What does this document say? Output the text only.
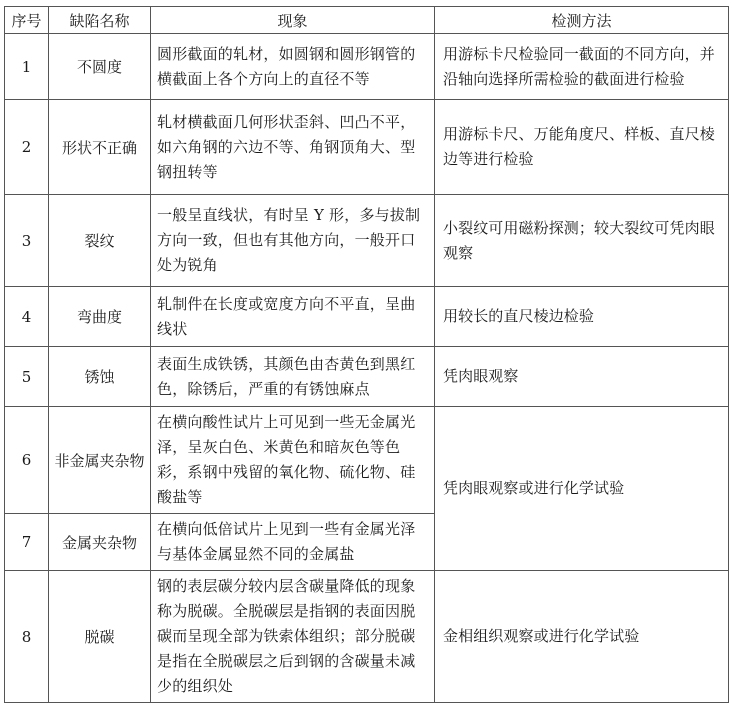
序号	缺陷名称	现象	检测方法
1	不圆度	圆形截面的轧材，如圆钢和圆形钢管的横截面上各个方向上的直径不等	用游标卡尺检验同一截面的不同方向，并沿轴向选择所需检验的截面进行检验
2	形状不正确	轧材横截面几何形状歪斜、凹凸不平，如六角钢的六边不等、角钢顶角大、型钢扭转等	用游标卡尺、万能角度尺、样板、直尺棱边等进行检验
3	裂纹	一般呈直线状，有时呈 Y 形，多与拔制方向一致，但也有其他方向，一般开口处为锐角	小裂纹可用磁粉探测；较大裂纹可凭肉眼观察
4	弯曲度	轧制件在长度或宽度方向不平直，呈曲线状	用较长的直尺棱边检验
5	锈蚀	表面生成铁锈，其颜色由杏黄色到黑红色，除锈后，严重的有锈蚀麻点	凭肉眼观察
6	非金属夹杂物	在横向酸性试片上可见到一些无金属光泽，呈灰白色、米黄色和暗灰色等色彩，系钢中残留的氧化物、硫化物、硅酸盐等	凭肉眼观察或进行化学试验
7	金属夹杂物	在横向低倍试片上见到一些有金属光泽与基体金属显然不同的金属盐	
8	脱碳	钢的表层碳分较内层含碳量降低的现象称为脱碳。全脱碳层是指钢的表面因脱碳而呈现全部为铁索体组织；部分脱碳是指在全脱碳层之后到钢的含碳量未减少的组织处	金相组织观察或进行化学试验
